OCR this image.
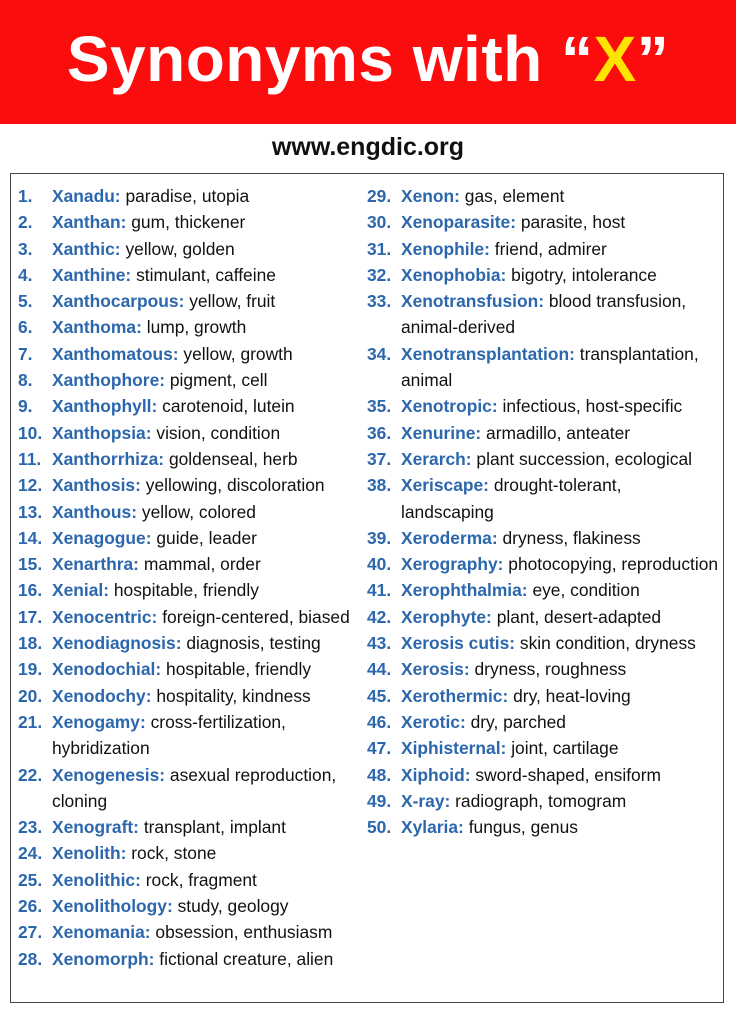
Synonyms with “X”
www.engdic.org
1. Xanadu: paradise, utopia
2. Xanthan: gum, thickener
3. Xanthic: yellow, golden
4. Xanthine: stimulant, caffeine
5. Xanthocarpous: yellow, fruit
6. Xanthoma: lump, growth
7. Xanthomatous: yellow, growth
8. Xanthophore: pigment, cell
9. Xanthophyll: carotenoid, lutein
10. Xanthopsia: vision, condition
11. Xanthorrhiza: goldenseal, herb
12. Xanthosis: yellowing, discoloration
13. Xanthous: yellow, colored
14. Xenagogue: guide, leader
15. Xenarthra: mammal, order
16. Xenial: hospitable, friendly
17. Xenocentric: foreign-centered, biased
18. Xenodiagnosis: diagnosis, testing
19. Xenodochial: hospitable, friendly
20. Xenodochy: hospitality, kindness
21. Xenogamy: cross-fertilization, hybridization
22. Xenogenesis: asexual reproduction, cloning
23. Xenograft: transplant, implant
24. Xenolith: rock, stone
25. Xenolithic: rock, fragment
26. Xenolithology: study, geology
27. Xenomania: obsession, enthusiasm
28. Xenomorph: fictional creature, alien
29. Xenon: gas, element
30. Xenoparasite: parasite, host
31. Xenophile: friend, admirer
32. Xenophobia: bigotry, intolerance
33. Xenotransfusion: blood transfusion, animal-derived
34. Xenotransplantation: transplantation, animal
35. Xenotropic: infectious, host-specific
36. Xenurine: armadillo, anteater
37. Xerarch: plant succession, ecological
38. Xeriscape: drought-tolerant, landscaping
39. Xeroderma: dryness, flakiness
40. Xerography: photocopying, reproduction
41. Xerophthalmia: eye, condition
42. Xerophyte: plant, desert-adapted
43. Xerosis cutis: skin condition, dryness
44. Xerosis: dryness, roughness
45. Xerothermic: dry, heat-loving
46. Xerotic: dry, parched
47. Xiphisternal: joint, cartilage
48. Xiphoid: sword-shaped, ensiform
49. X-ray: radiograph, tomogram
50. Xylaria: fungus, genus
